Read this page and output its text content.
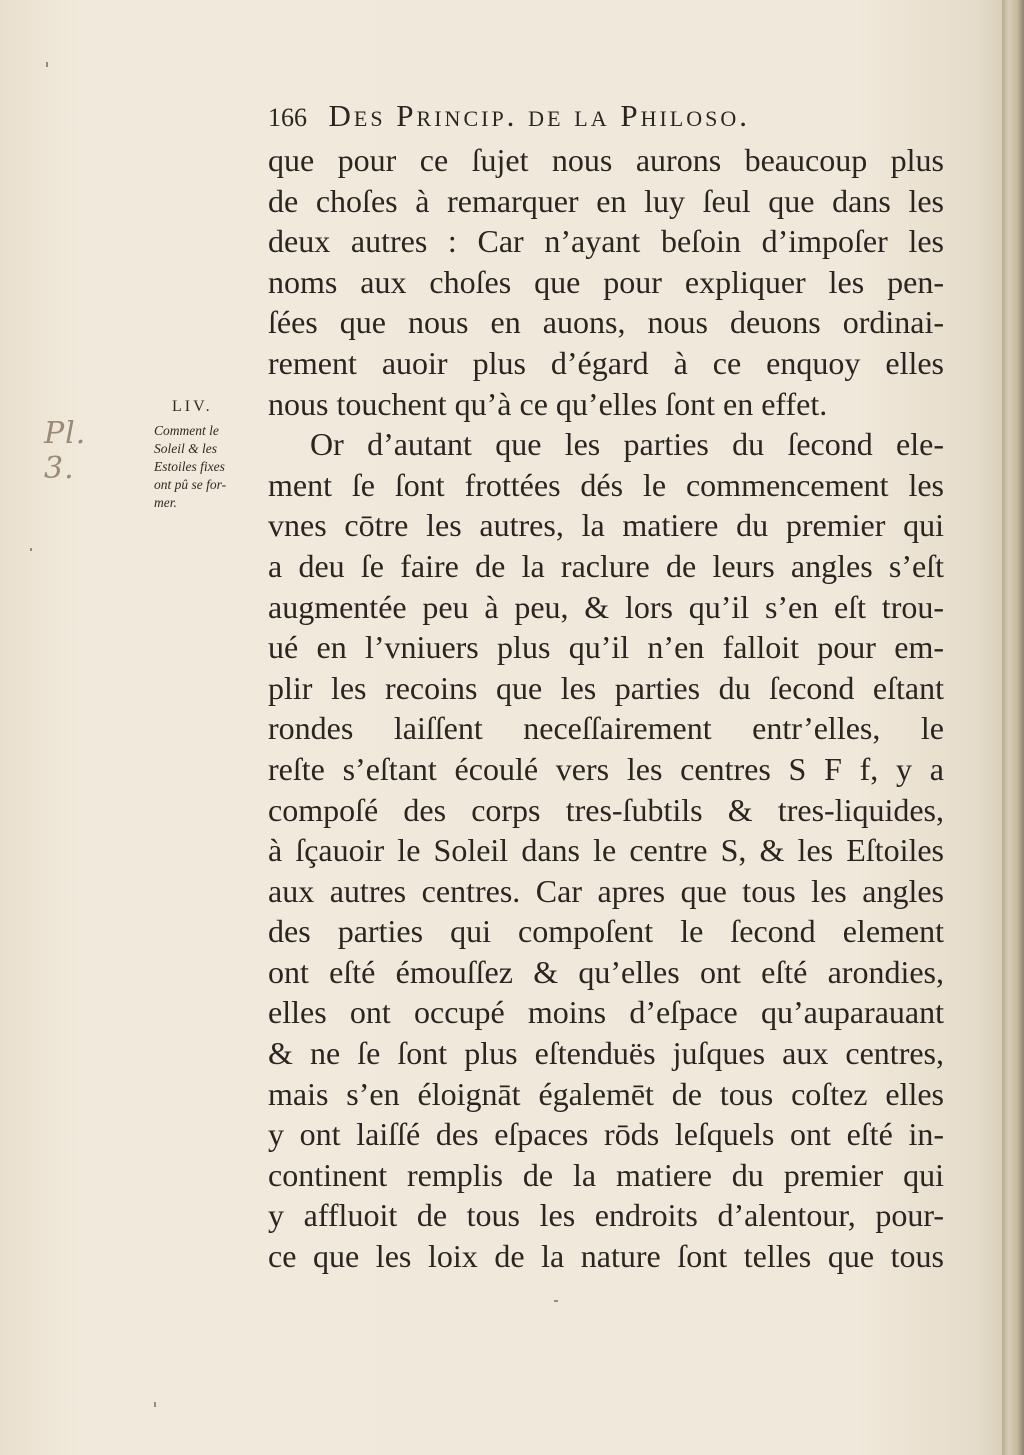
166 Des Princip. de la Philoso.
Pl. 3.
LIV.
Comment le
Soleil & les
Estoiles fixes
ont pû se for-
mer.
que pour ce ſujet nous aurons beaucoup plus
de choſes à remarquer en luy ſeul que dans les
deux autres : Car n’ayant beſoin d’impoſer les
noms aux choſes que pour expliquer les pen-
ſées que nous en auons, nous deuons ordinai-
rement auoir plus d’égard à ce enquoy elles
nous touchent qu’à ce qu’elles ſont en effet.
Or d’autant que les parties du ſecond ele-
ment ſe ſont frottées dés le commencement les
vnes cōtre les autres, la matiere du premier qui
a deu ſe faire de la raclure de leurs angles s’eſt
augmentée peu à peu, & lors qu’il s’en eſt trou-
ué en l’vniuers plus qu’il n’en falloit pour em-
plir les recoins que les parties du ſecond eſtant
rondes laiſſent neceſſairement entr’elles, le
reſte s’eſtant écoulé vers les centres S F f, y a
compoſé des corps tres-ſubtils & tres-liquides,
à ſçauoir le Soleil dans le centre S, & les Eſtoiles
aux autres centres. Car apres que tous les angles
des parties qui compoſent le ſecond element
ont eſté émouſſez & qu’elles ont eſté arondies,
elles ont occupé moins d’eſpace qu’auparauant
& ne ſe ſont plus eſtenduës juſques aux centres,
mais s’en éloignāt égalemēt de tous coſtez elles
y ont laiſſé des eſpaces rōds leſquels ont eſté in-
continent remplis de la matiere du premier qui
y affluoit de tous les endroits d’alentour, pour-
ce que les loix de la nature ſont telles que tous
